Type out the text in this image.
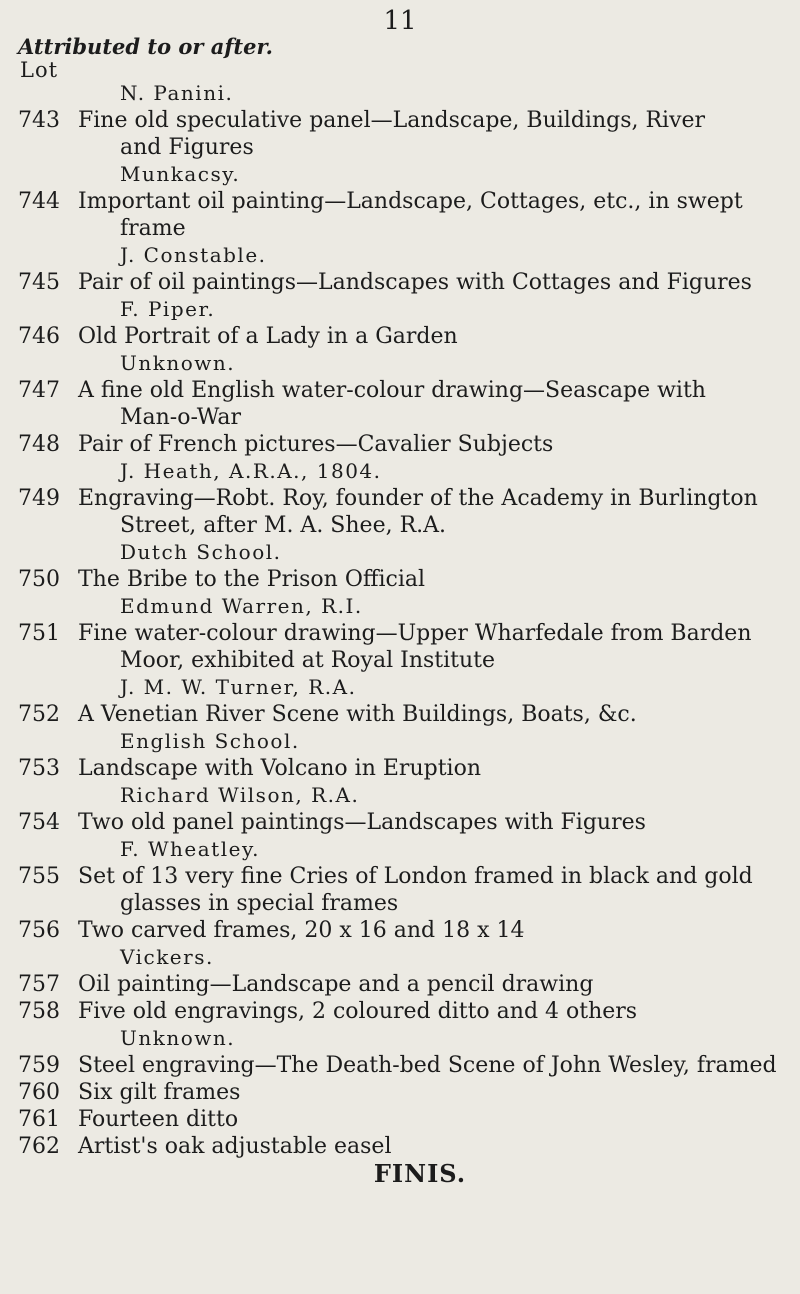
11
Attributed to or after.
Lot
N. Panini.
743 Fine old speculative panel—Landscape, Buildings, River
and Figures
Munkacsy.
744 Important oil painting—Landscape, Cottages, etc., in swept
frame
J. Constable.
745 Pair of oil paintings—Landscapes with Cottages and Figures
F. Piper.
746 Old Portrait of a Lady in a Garden
Unknown.
747 A fine old English water-colour drawing—Seascape with
Man-o-War
748 Pair of French pictures—Cavalier Subjects
J. Heath, A.R.A., 1804.
749 Engraving—Robt. Roy, founder of the Academy in Burlington
Street, after M. A. Shee, R.A.
Dutch School.
750 The Bribe to the Prison Official
Edmund Warren, R.I.
751 Fine water-colour drawing—Upper Wharfedale from Barden
Moor, exhibited at Royal Institute
J. M. W. Turner, R.A.
752 A Venetian River Scene with Buildings, Boats, &c.
English School.
753 Landscape with Volcano in Eruption
Richard Wilson, R.A.
754 Two old panel paintings—Landscapes with Figures
F. Wheatley.
755 Set of 13 very fine Cries of London framed in black and gold
glasses in special frames
756 Two carved frames, 20 x 16 and 18 x 14
Vickers.
757 Oil painting—Landscape and a pencil drawing
758 Five old engravings, 2 coloured ditto and 4 others
Unknown.
759 Steel engraving—The Death-bed Scene of John Wesley, framed
760 Six gilt frames
761 Fourteen ditto
762 Artist's oak adjustable easel
FINIS.
